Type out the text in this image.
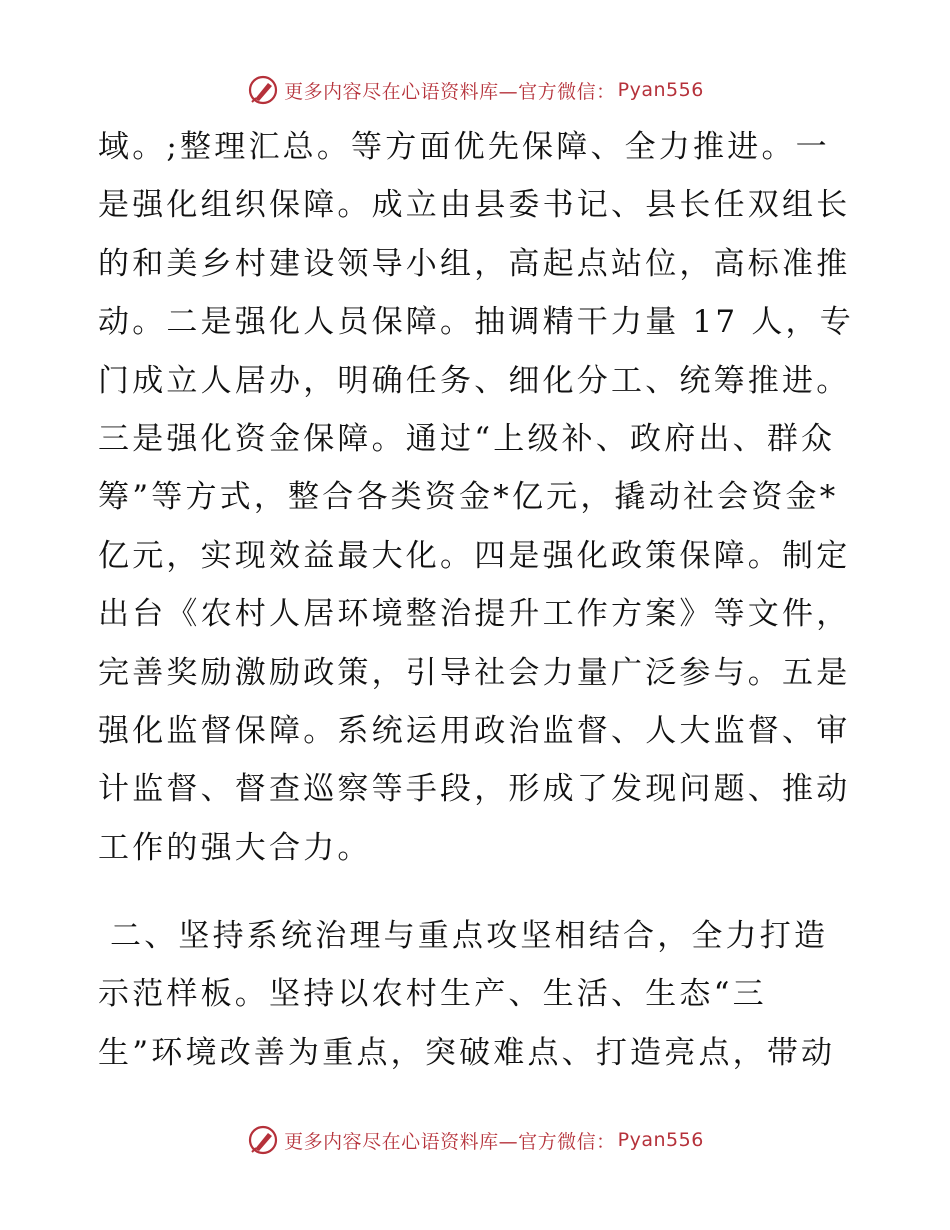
更多内容尽在心语资料库—官方微信： Pyan556
域。;整理汇总。等方面优先保障、全力推进。一
是强化组织保障。成立由县委书记、县长任双组长
的和美乡村建设领导小组，高起点站位，高标准推
动。二是强化人员保障。抽调精干力量 17 人，专
门成立人居办，明确任务、细化分工、统筹推进。
三是强化资金保障。通过“上级补、政府出、群众
筹”等方式，整合各类资金*亿元，撬动社会资金*
亿元，实现效益最大化。四是强化政策保障。制定
出台《农村人居环境整治提升工作方案》等文件，
完善奖励激励政策，引导社会力量广泛参与。五是
强化监督保障。系统运用政治监督、人大监督、审
计监督、督查巡察等手段，形成了发现问题、推动
工作的强大合力。
二、坚持系统治理与重点攻坚相结合，全力打造
示范样板。坚持以农村生产、生活、生态“三
生”环境改善为重点，突破难点、打造亮点，带动
更多内容尽在心语资料库—官方微信： Pyan556
